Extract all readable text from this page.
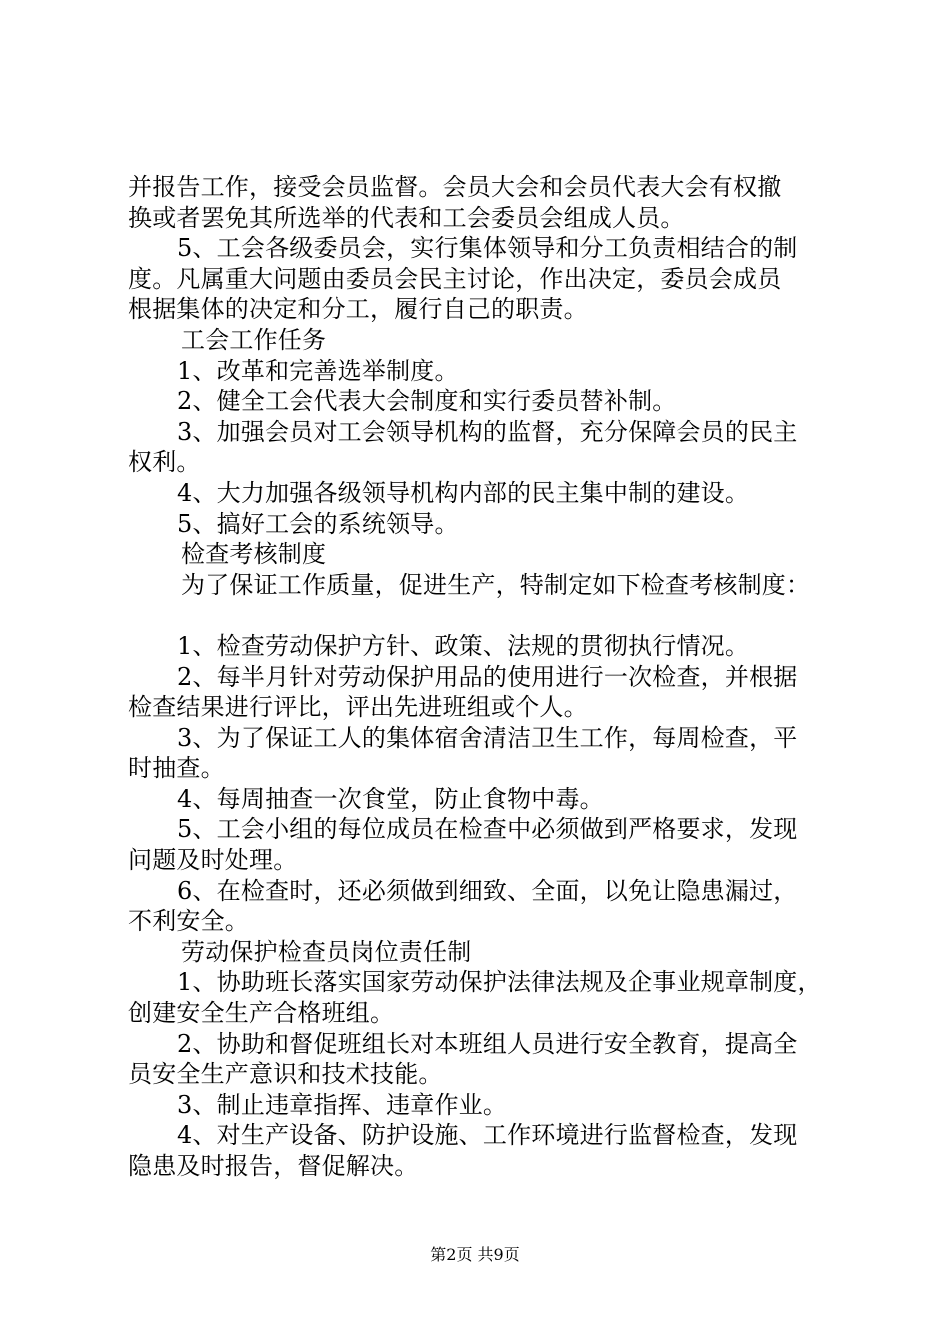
并报告工作，接受会员监督。会员大会和会员代表大会有权撤
换或者罢免其所选举的代表和工会委员会组成人员。
5、工会各级委员会，实行集体领导和分工负责相结合的制
度。凡属重大问题由委员会民主讨论，作出决定，委员会成员
根据集体的决定和分工，履行自己的职责。
工会工作任务
1、改革和完善选举制度。
2、健全工会代表大会制度和实行委员替补制。
3、加强会员对工会领导机构的监督，充分保障会员的民主
权利。
4、大力加强各级领导机构内部的民主集中制的建设。
5、搞好工会的系统领导。
检查考核制度
为了保证工作质量，促进生产，特制定如下检查考核制度：
1、检查劳动保护方针、政策、法规的贯彻执行情况。
2、每半月针对劳动保护用品的使用进行一次检查，并根据
检查结果进行评比，评出先进班组或个人。
3、为了保证工人的集体宿舍清洁卫生工作，每周检查，平
时抽查。
4、每周抽查一次食堂，防止食物中毒。
5、工会小组的每位成员在检查中必须做到严格要求，发现
问题及时处理。
6、在检查时，还必须做到细致、全面，以免让隐患漏过，
不利安全。
劳动保护检查员岗位责任制
1、协助班长落实国家劳动保护法律法规及企事业规章制度，
创建安全生产合格班组。
2、协助和督促班组长对本班组人员进行安全教育，提高全
员安全生产意识和技术技能。
3、制止违章指挥、违章作业。
4、对生产设备、防护设施、工作环境进行监督检查，发现
隐患及时报告，督促解决。
第2页 共9页
